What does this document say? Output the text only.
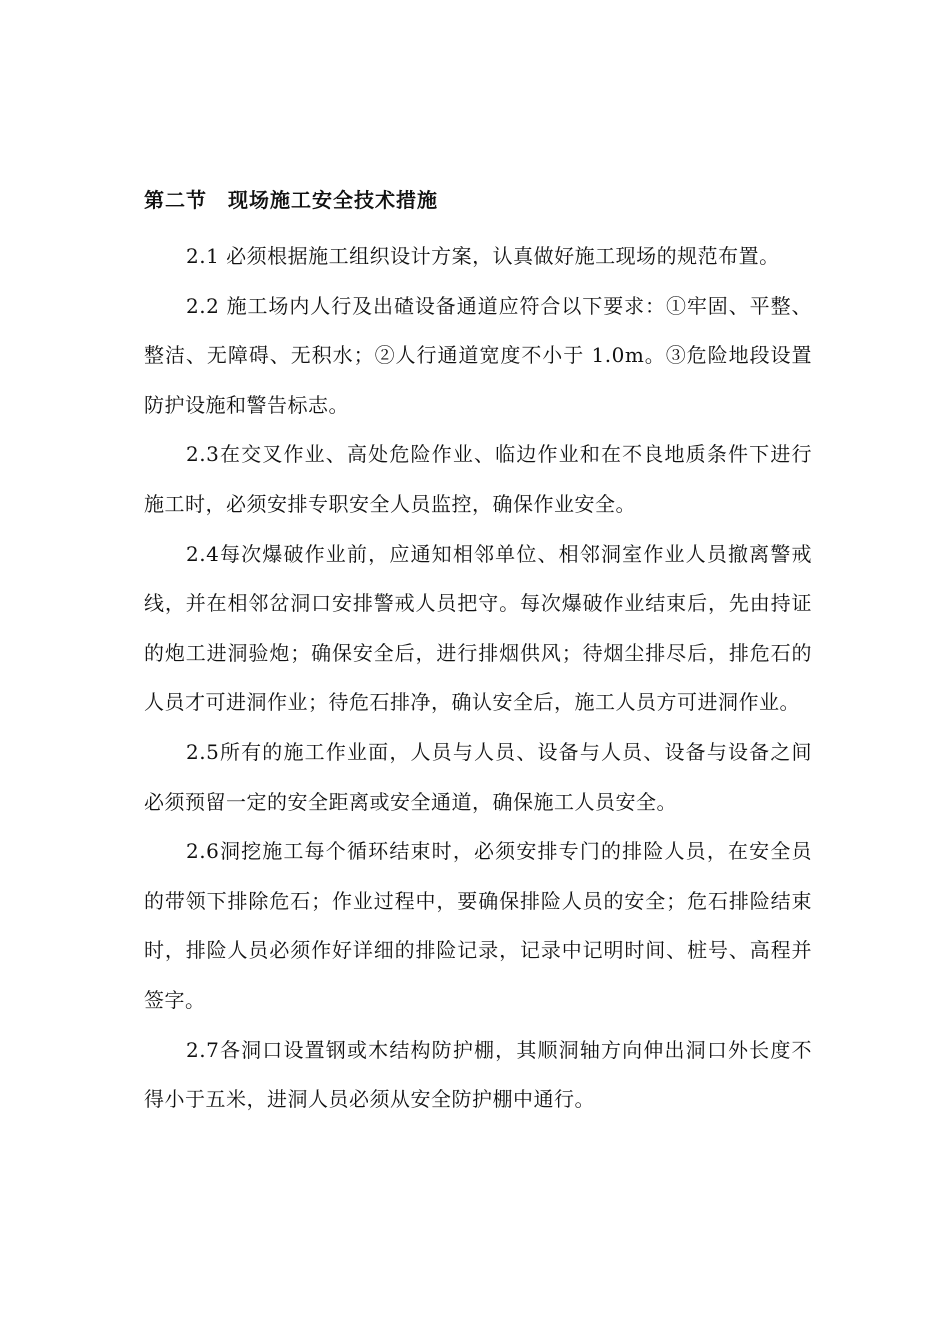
第二节　现场施工安全技术措施

2.1 必须根据施工组织设计方案，认真做好施工现场的规范布置。

2.2 施工场内人行及出碴设备通道应符合以下要求：①牢固、平整、整洁、无障碍、无积水；②人行通道宽度不小于 1.0m。③危险地段设置防护设施和警告标志。

2.3在交叉作业、高处危险作业、临边作业和在不良地质条件下进行施工时，必须安排专职安全人员监控，确保作业安全。

2.4每次爆破作业前，应通知相邻单位、相邻洞室作业人员撤离警戒线，并在相邻岔洞口安排警戒人员把守。每次爆破作业结束后，先由持证的炮工进洞验炮；确保安全后，进行排烟供风；待烟尘排尽后，排危石的人员才可进洞作业；待危石排净，确认安全后，施工人员方可进洞作业。

2.5所有的施工作业面，人员与人员、设备与人员、设备与设备之间必须预留一定的安全距离或安全通道，确保施工人员安全。

2.6洞挖施工每个循环结束时，必须安排专门的排险人员，在安全员的带领下排除危石；作业过程中，要确保排险人员的安全；危石排险结束时，排险人员必须作好详细的排险记录，记录中记明时间、桩号、高程并签字。

2.7各洞口设置钢或木结构防护棚，其顺洞轴方向伸出洞口外长度不得小于五米，进洞人员必须从安全防护棚中通行。
